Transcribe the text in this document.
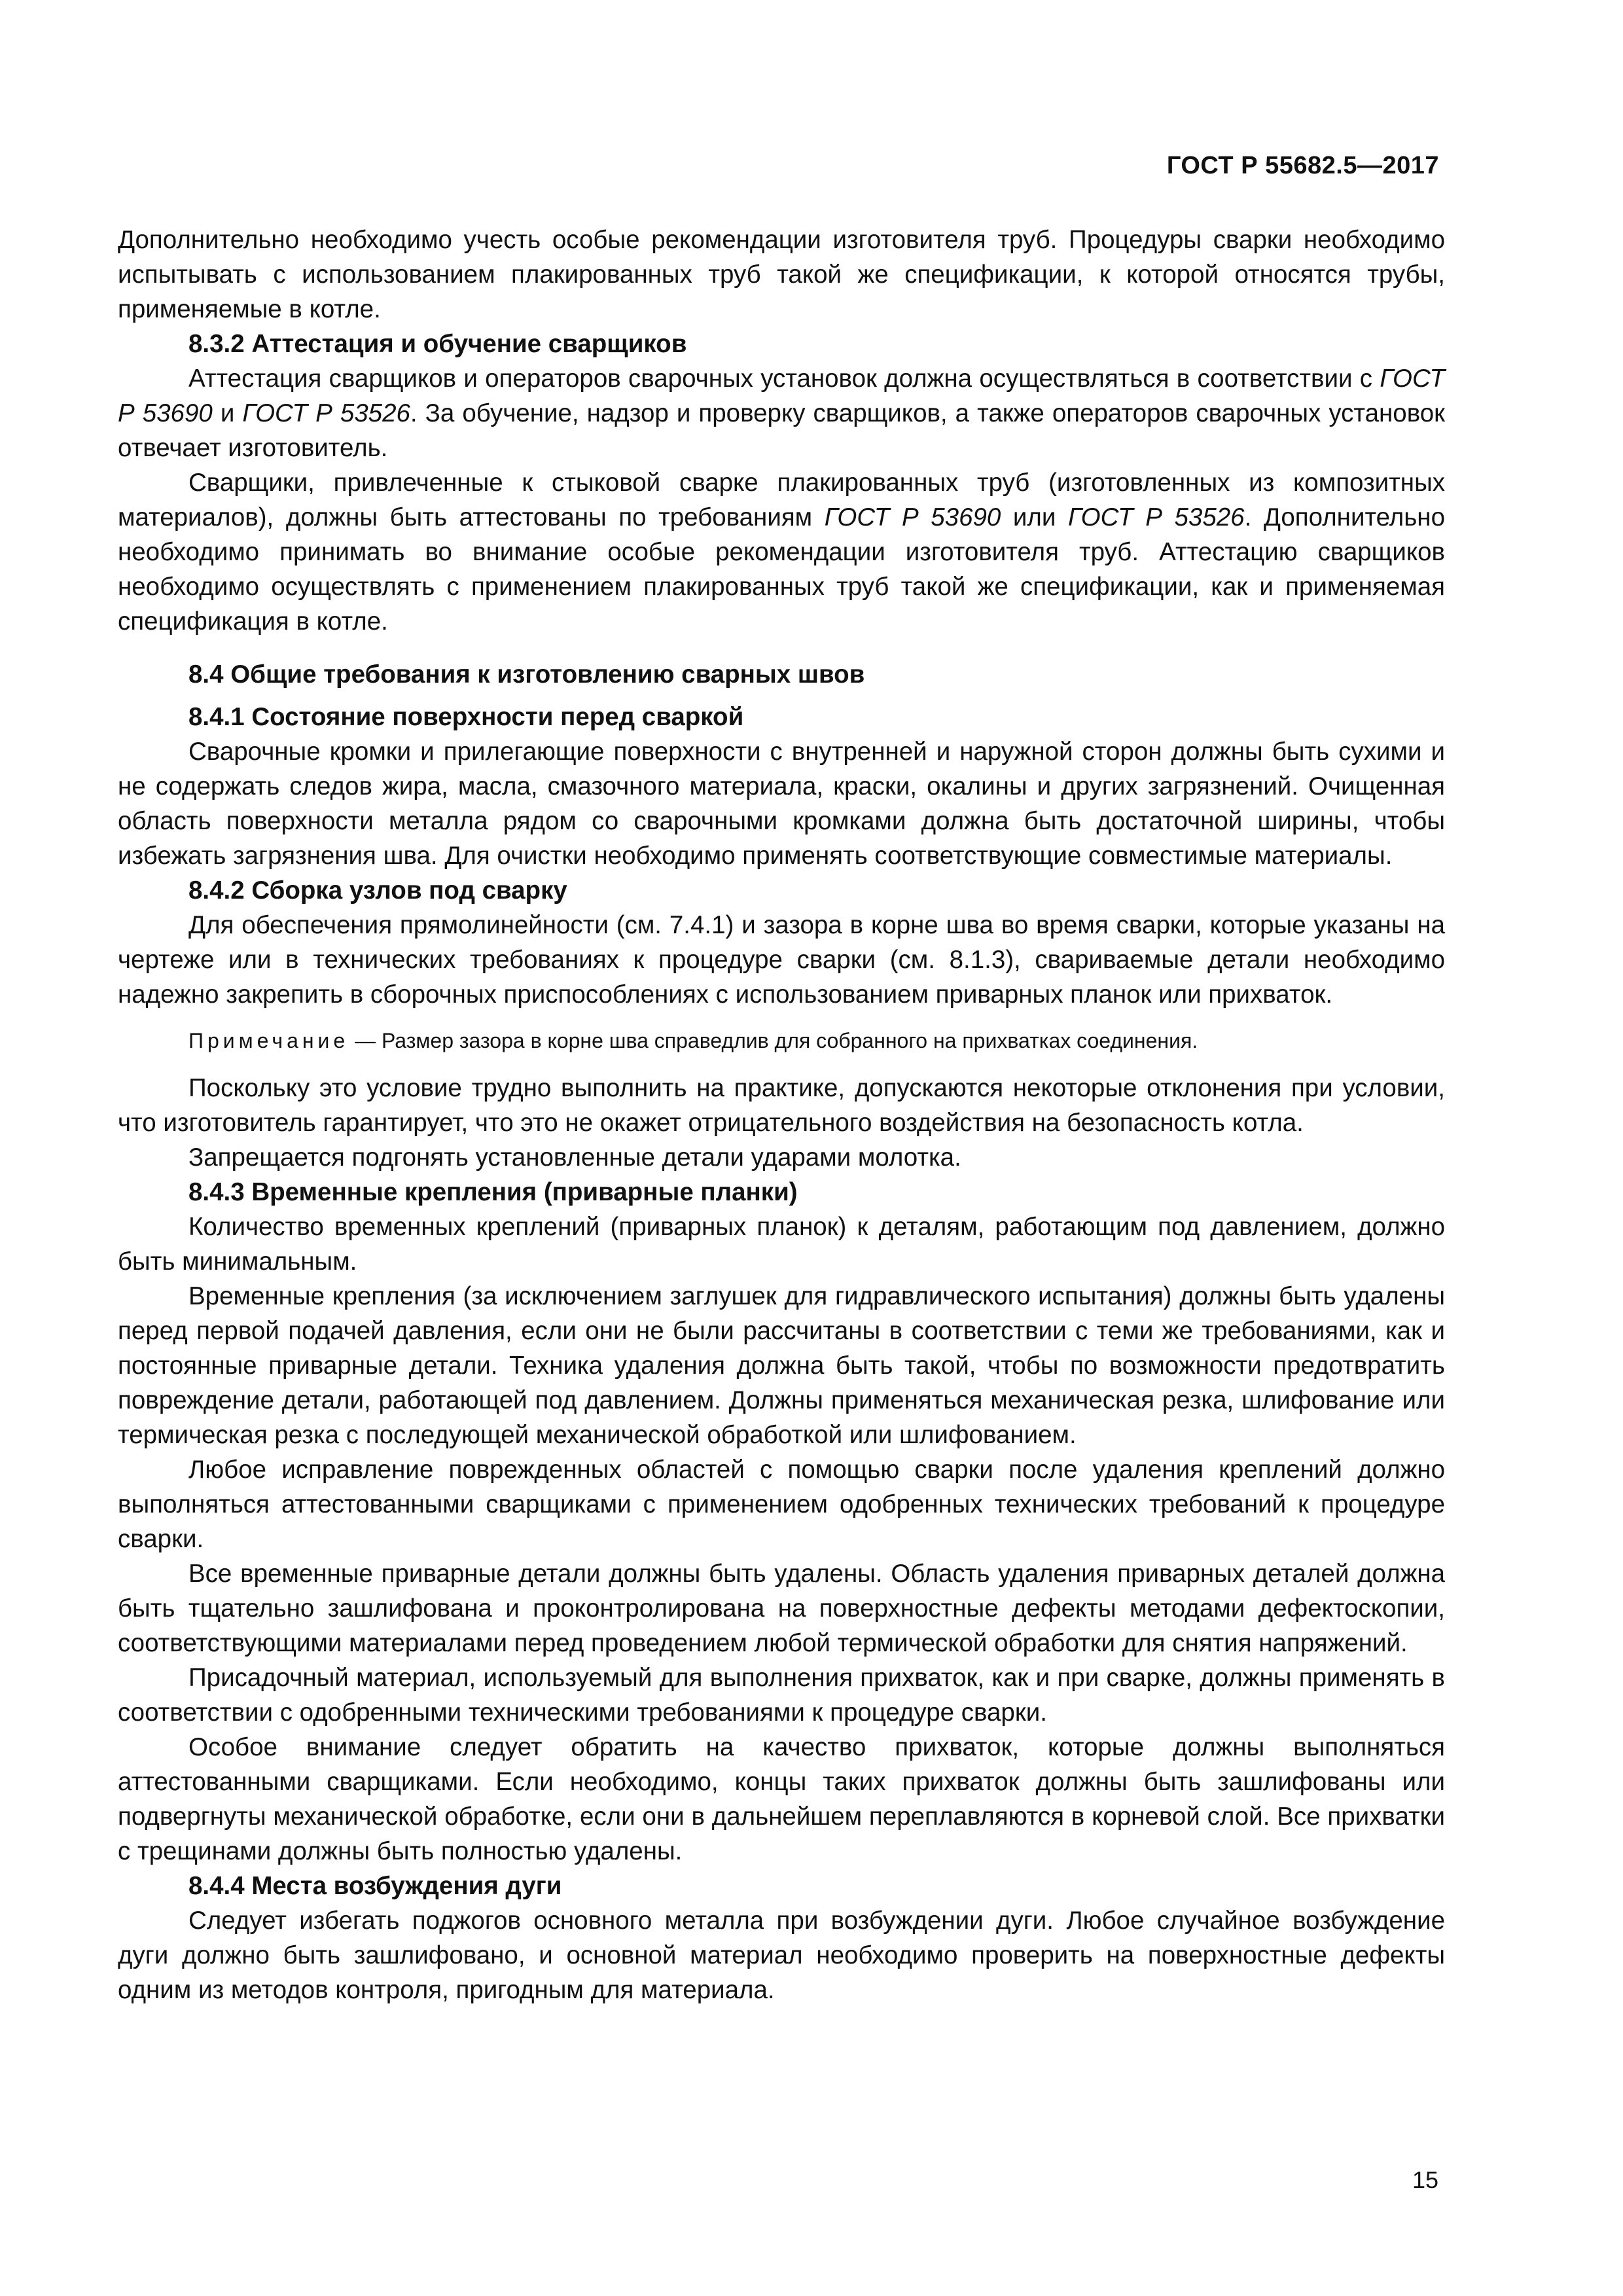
ГОСТ Р 55682.5—2017

Дополнительно необходимо учесть особые рекомендации изготовителя труб. Процедуры сварки необходимо испытывать с использованием плакированных труб такой же спецификации, к которой относятся трубы, применяемые в котле.

8.3.2 Аттестация и обучение сварщиков

Аттестация сварщиков и операторов сварочных установок должна осуществляться в соответствии с ГОСТ Р 53690 и ГОСТ Р 53526. За обучение, надзор и проверку сварщиков, а также операторов сварочных установок отвечает изготовитель.

Сварщики, привлеченные к стыковой сварке плакированных труб (изготовленных из композитных материалов), должны быть аттестованы по требованиям ГОСТ Р 53690 или ГОСТ Р 53526. Дополнительно необходимо принимать во внимание особые рекомендации изготовителя труб. Аттестацию сварщиков необходимо осуществлять с применением плакированных труб такой же спецификации, как и применяемая спецификация в котле.

8.4 Общие требования к изготовлению сварных швов

8.4.1 Состояние поверхности перед сваркой

Сварочные кромки и прилегающие поверхности с внутренней и наружной сторон должны быть сухими и не содержать следов жира, масла, смазочного материала, краски, окалины и других загрязнений. Очищенная область поверхности металла рядом со сварочными кромками должна быть достаточной ширины, чтобы избежать загрязнения шва. Для очистки необходимо применять соответствующие совместимые материалы.

8.4.2 Сборка узлов под сварку

Для обеспечения прямолинейности (см. 7.4.1) и зазора в корне шва во время сварки, которые указаны на чертеже или в технических требованиях к процедуре сварки (см. 8.1.3), свариваемые детали необходимо надежно закрепить в сборочных приспособлениях с использованием приварных планок или прихваток.

Примечание — Размер зазора в корне шва справедлив для собранного на прихватках соединения.

Поскольку это условие трудно выполнить на практике, допускаются некоторые отклонения при условии, что изготовитель гарантирует, что это не окажет отрицательного воздействия на безопасность котла.

Запрещается подгонять установленные детали ударами молотка.

8.4.3 Временные крепления (приварные планки)

Количество временных креплений (приварных планок) к деталям, работающим под давлением, должно быть минимальным.

Временные крепления (за исключением заглушек для гидравлического испытания) должны быть удалены перед первой подачей давления, если они не были рассчитаны в соответствии с теми же требованиями, как и постоянные приварные детали. Техника удаления должна быть такой, чтобы по возможности предотвратить повреждение детали, работающей под давлением. Должны применяться механическая резка, шлифование или термическая резка с последующей механической обработкой или шлифованием.

Любое исправление поврежденных областей с помощью сварки после удаления креплений должно выполняться аттестованными сварщиками с применением одобренных технических требований к процедуре сварки.

Все временные приварные детали должны быть удалены. Область удаления приварных деталей должна быть тщательно зашлифована и проконтролирована на поверхностные дефекты методами дефектоскопии, соответствующими материалами перед проведением любой термической обработки для снятия напряжений.

Присадочный материал, используемый для выполнения прихваток, как и при сварке, должны применять в соответствии с одобренными техническими требованиями к процедуре сварки.

Особое внимание следует обратить на качество прихваток, которые должны выполняться аттестованными сварщиками. Если необходимо, концы таких прихваток должны быть зашлифованы или подвергнуты механической обработке, если они в дальнейшем переплавляются в корневой слой. Все прихватки с трещинами должны быть полностью удалены.

8.4.4 Места возбуждения дуги

Следует избегать поджогов основного металла при возбуждении дуги. Любое случайное возбуждение дуги должно быть зашлифовано, и основной материал необходимо проверить на поверхностные дефекты одним из методов контроля, пригодным для материала.

15
